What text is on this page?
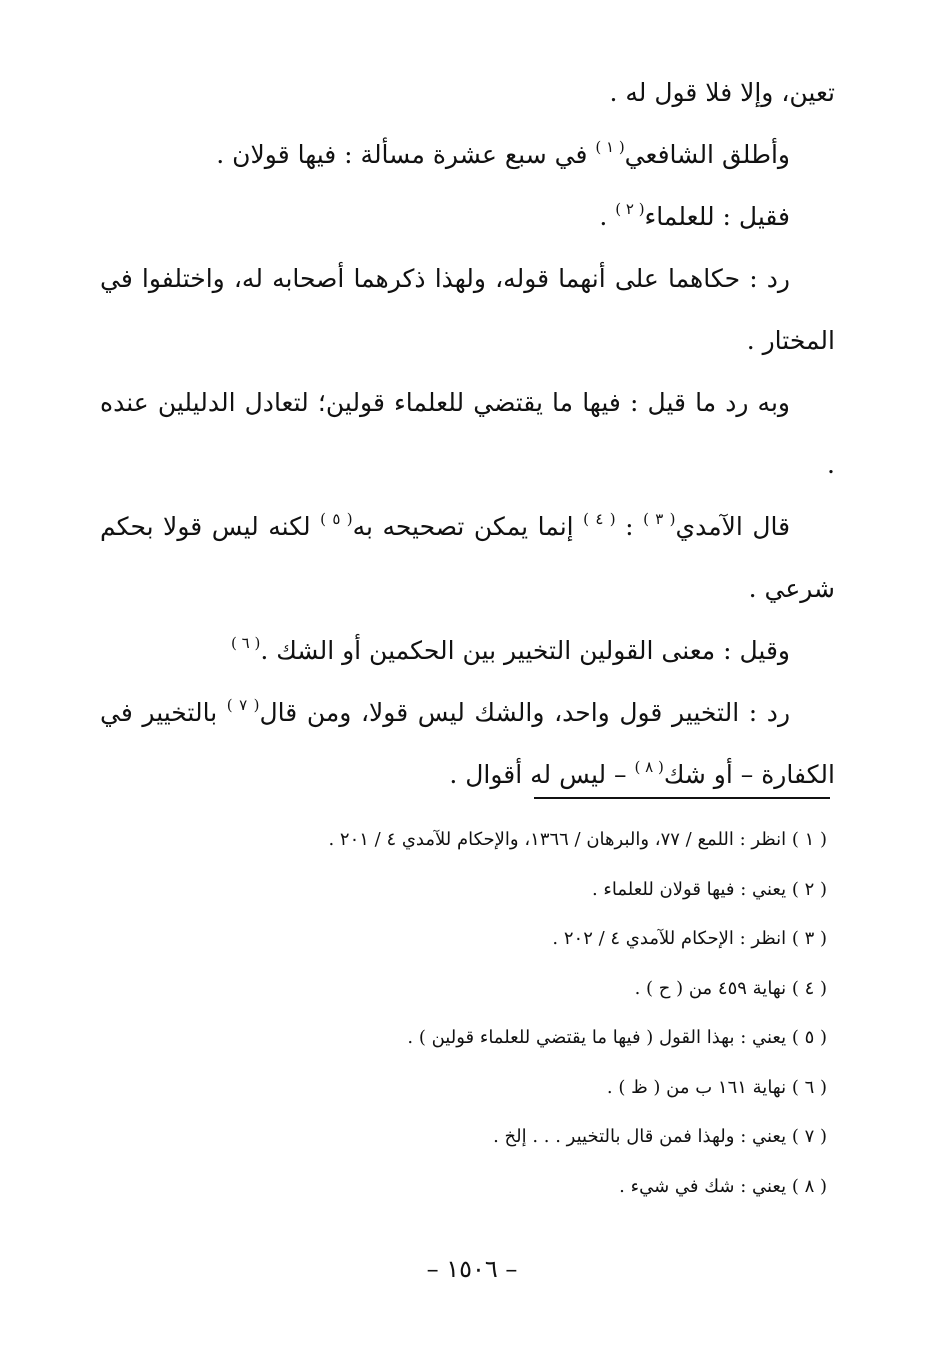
تعين، وإلا فلا قول له .

وأطلق الشافعي$^{( ١ )}$ في سبع عشرة مسألة : فيها قولان .

فقيل : للعلماء$^{( ٢ )}$ .

رد : حكاهما على أنهما قوله، ولهذا ذكرهما أصحابه له، واختلفوا في المختار .

وبه رد ما قيل : فيها ما يقتضي للعلماء قولين؛ لتعادل الدليلين عنده .

قال الآمدي$^{( ٣ )}$ : $^{( ٤ )}$ إنما يمكن تصحيحه به$^{( ٥ )}$ لكنه ليس قولا بحكم شرعي .

وقيل : معنى القولين التخيير بين الحكمين أو الشك .$^{( ٦ )}$

رد : التخيير قول واحد، والشك ليس قولا، ومن قال$^{( ٧ )}$ بالتخيير في الكفارة – أو شك$^{( ٨ )}$ – ليس له أقوال .

( ١ ) انظر : اللمع / ٧٧، والبرهان / ١٣٦٦، والإحكام للآمدي ٤ / ٢٠١ .

( ٢ ) يعني : فيها قولان للعلماء .

( ٣ ) انظر : الإحكام للآمدي ٤ / ٢٠٢ .

( ٤ ) نهاية ٤٥٩ من ( ح ) .

( ٥ ) يعني : بهذا القول ( فيها ما يقتضي للعلماء قولين ) .

( ٦ ) نهاية ١٦١ ب من ( ظ ) .

( ٧ ) يعني : ولهذا فمن قال بالتخيير . . . إلخ .

( ٨ ) يعني : شك في شيء .

– ١٥٠٦ –
